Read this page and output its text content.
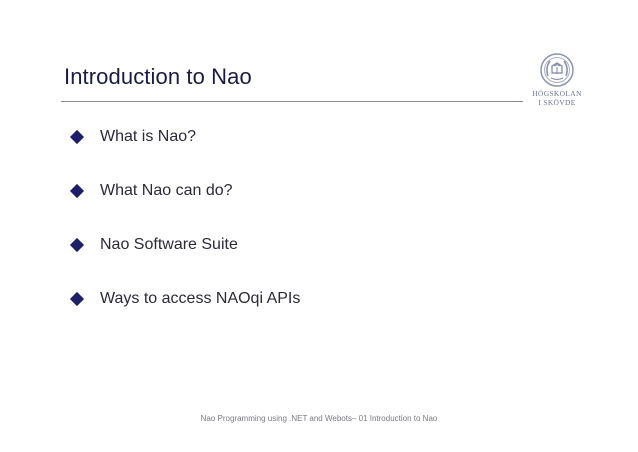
Introduction to Nao
HÖGSKOLAN
I SKÖVDE
What is Nao?
What Nao can do?
Nao Software Suite
Ways to access NAOqi APIs
Nao Programming using .NET and Webots– 01 Introduction to Nao
